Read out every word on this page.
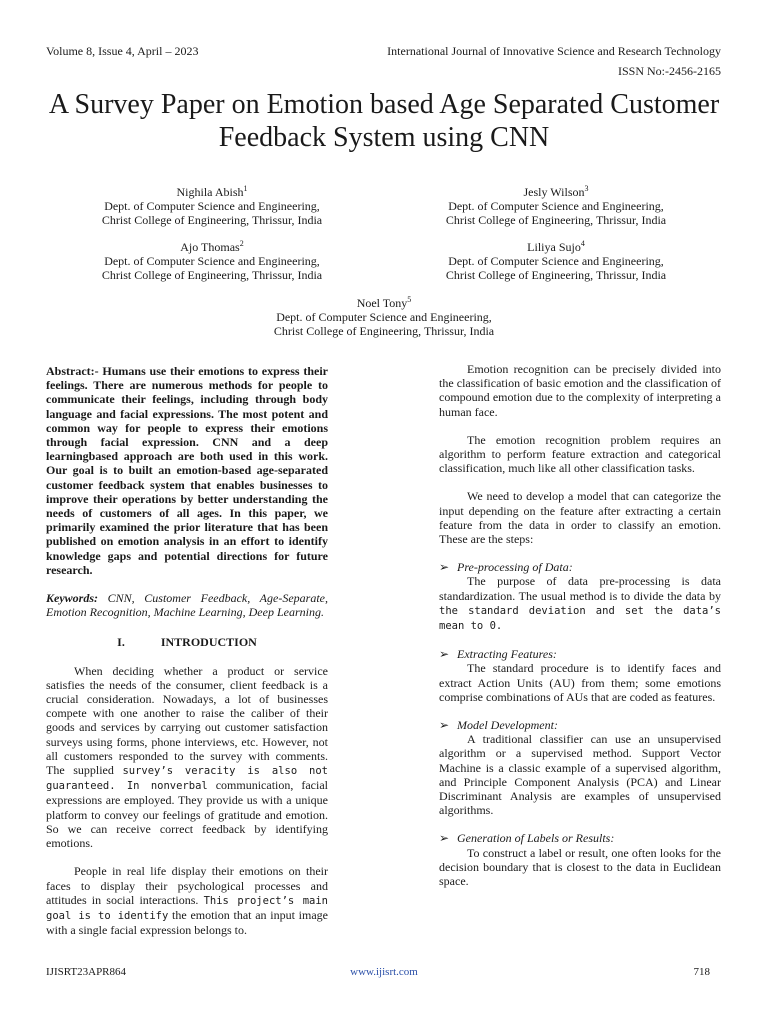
Volume 8, Issue 4, April – 2023	International Journal of Innovative Science and Research Technology
ISSN No:-2456-2165
A Survey Paper on Emotion based Age Separated Customer Feedback System using CNN
Nighila Abish$^1$
Dept. of Computer Science and Engineering,
Christ College of Engineering, Thrissur, India
Jesly Wilson$^3$
Dept. of Computer Science and Engineering,
Christ College of Engineering, Thrissur, India
Ajo Thomas$^2$
Dept. of Computer Science and Engineering,
Christ College of Engineering, Thrissur, India
Liliya Sujo$^4$
Dept. of Computer Science and Engineering,
Christ College of Engineering, Thrissur, India
Noel Tony$^5$
Dept. of Computer Science and Engineering,
Christ College of Engineering, Thrissur, India

Abstract:- Humans use their emotions to express their feelings. There are numerous methods for people to communicate their feelings, including through body language and facial expressions. The most potent and common way for people to express their emotions through facial expression. CNN and a deep learningbased approach are both used in this work. Our goal is to built an emotion-based age-separated customer feedback system that enables businesses to improve their operations by better understanding the needs of customers of all ages. In this paper, we primarily examined the prior literature that has been published on emotion analysis in an effort to identify knowledge gaps and potential directions for future research.

Keywords: CNN, Customer Feedback, Age-Separate, Emotion Recognition, Machine Learning, Deep Learning.

I.	INTRODUCTION

When deciding whether a product or service satisfies the needs of the consumer, client feedback is a crucial consideration. Nowadays, a lot of businesses compete with one another to raise the caliber of their goods and services by carrying out customer satisfaction surveys using forms, phone interviews, etc. However, not all customers responded to the survey with comments. The supplied survey’s veracity is also not guaranteed. In nonverbal communication, facial expressions are employed. They provide us with a unique platform to convey our feelings of gratitude and emotion. So we can receive correct feedback by identifying emotions.

People in real life display their emotions on their faces to display their psychological processes and attitudes in social interactions. This project’s main goal is to identify the emotion that an input image with a single facial expression belongs to.

Emotion recognition can be precisely divided into the classification of basic emotion and the classification of compound emotion due to the complexity of interpreting a human face.

The emotion recognition problem requires an algorithm to perform feature extraction and categorical classification, much like all other classification tasks.

We need to develop a model that can categorize the input depending on the feature after extracting a certain feature from the data in order to classify an emotion. These are the steps:

➢ Pre-processing of Data:

The purpose of data pre-processing is data standardization. The usual method is to divide the data by the standard deviation and set the data’s mean to 0.

➢ Extracting Features:

The standard procedure is to identify faces and extract Action Units (AU) from them; some emotions comprise combinations of AUs that are coded as features.

➢ Model Development:

A traditional classifier can use an unsupervised algorithm or a supervised method. Support Vector Machine is a classic example of a supervised algorithm, and Principle Component Analysis (PCA) and Linear Discriminant Analysis are examples of unsupervised algorithms.

➢ Generation of Labels or Results:

To construct a label or result, one often looks for the decision boundary that is closest to the data in Euclidean space.

IJISRT23APR864	www.ijisrt.com	718
